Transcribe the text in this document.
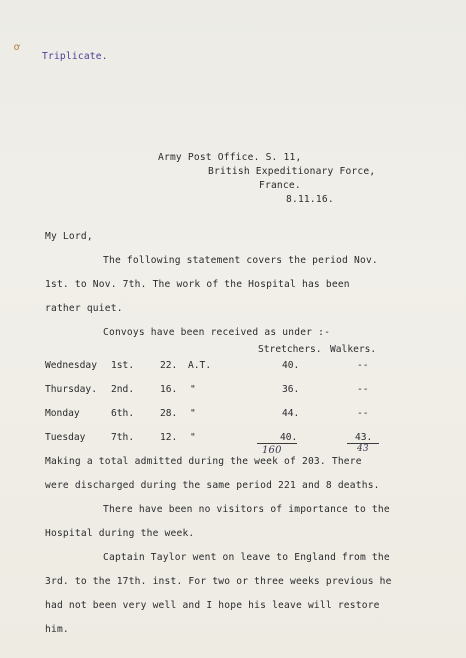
ơ
Triplicate.
Army Post Office. S. 11,
British Expeditionary Force,
France.
8.11.16.
My Lord,
The following statement covers the period Nov.
1st. to Nov. 7th. The work of the Hospital has been
rather quiet.
Convoys have been received as under :-
Stretchers. Walkers.
Wednesday 1st.	22. A.T.	40.	--
Thursday. 2nd.	16. "	36.	--
Monday	6th.	28. "	44.	--
Tuesday	7th.	12. "	40.	43.
160	43
Making a total admitted during the week of 203. There
were discharged during the same period 221 and 8 deaths.
There have been no visitors of importance to the
Hospital during the week.
Captain Taylor went on leave to England from the
3rd. to the 17th. inst. For two or three weeks previous he
had not been very well and I hope his leave will restore
him.
